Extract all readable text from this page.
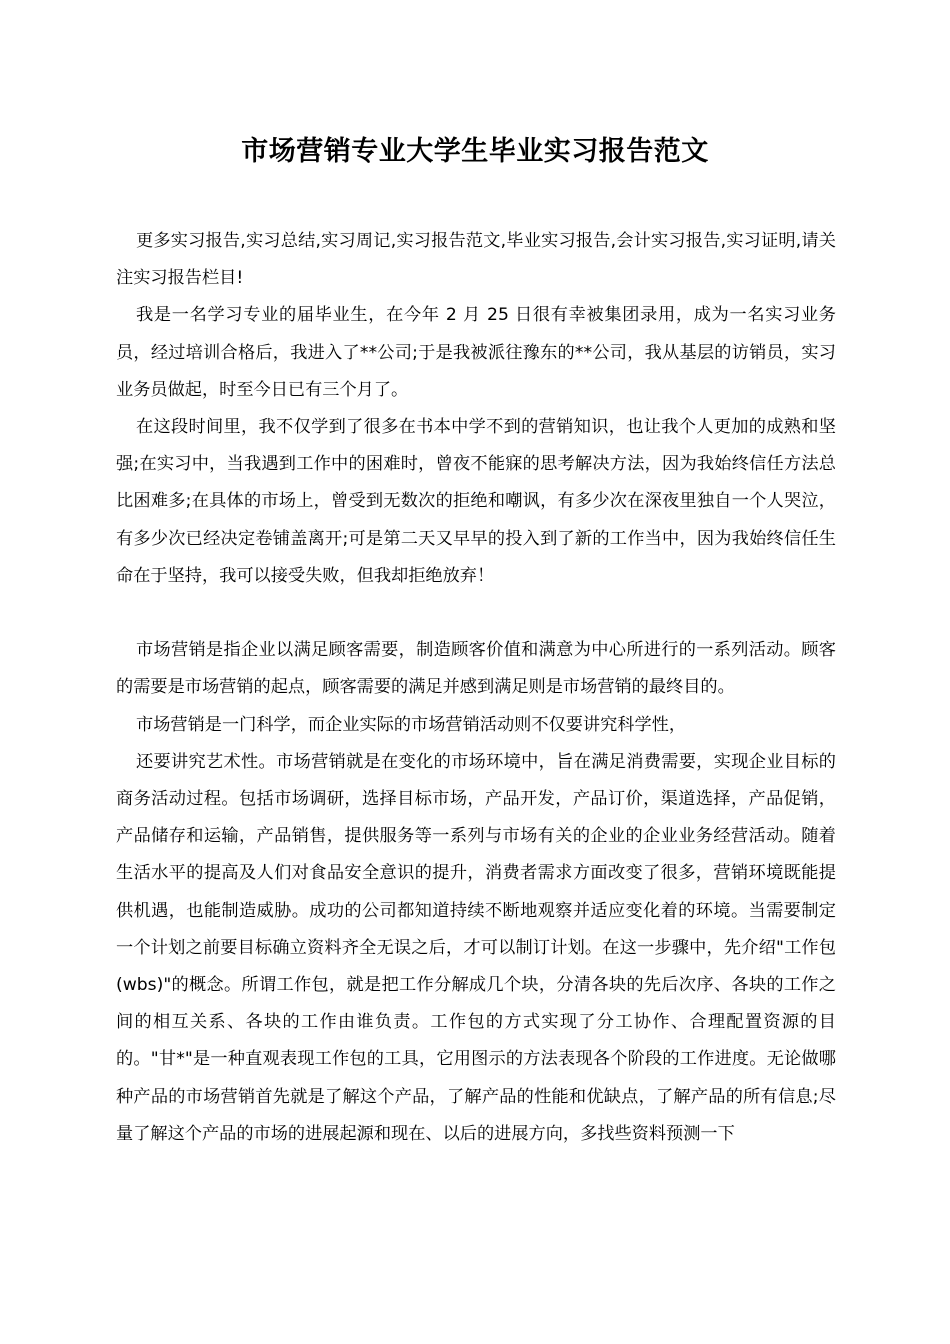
市场营销专业大学生毕业实习报告范文

更多实习报告,实习总结,实习周记,实习报告范文,毕业实习报告,会计实习报告,实习证明,请关注实习报告栏目!

我是一名学习专业的届毕业生，在今年 2 月 25 日很有幸被集团录用，成为一名实习业务员，经过培训合格后，我进入了**公司;于是我被派往豫东的**公司，我从基层的访销员，实习业务员做起，时至今日已有三个月了。

在这段时间里，我不仅学到了很多在书本中学不到的营销知识，也让我个人更加的成熟和坚强;在实习中，当我遇到工作中的困难时，曾夜不能寐的思考解决方法，因为我始终信任方法总比困难多;在具体的市场上，曾受到无数次的拒绝和嘲讽，有多少次在深夜里独自一个人哭泣，有多少次已经决定卷铺盖离开;可是第二天又早早的投入到了新的工作当中，因为我始终信任生命在于坚持，我可以接受失败，但我却拒绝放弃！

市场营销是指企业以满足顾客需要，制造顾客价值和满意为中心所进行的一系列活动。顾客的需要是市场营销的起点，顾客需要的满足并感到满足则是市场营销的最终目的。

市场营销是一门科学，而企业实际的市场营销活动则不仅要讲究科学性，

还要讲究艺术性。市场营销就是在变化的市场环境中，旨在满足消费需要，实现企业目标的商务活动过程。包括市场调研，选择目标市场，产品开发，产品订价，渠道选择，产品促销，产品储存和运输，产品销售，提供服务等一系列与市场有关的企业的企业业务经营活动。随着生活水平的提高及人们对食品安全意识的提升，消费者需求方面改变了很多，营销环境既能提供机遇，也能制造威胁。成功的公司都知道持续不断地观察并适应变化着的环境。当需要制定一个计划之前要目标确立资料齐全无误之后，才可以制订计划。在这一步骤中，先介绍"工作包(wbs)"的概念。所谓工作包，就是把工作分解成几个块，分清各块的先后次序、各块的工作之间的相互关系、各块的工作由谁负责。工作包的方式实现了分工协作、合理配置资源的目的。"甘*"是一种直观表现工作包的工具，它用图示的方法表现各个阶段的工作进度。无论做哪种产品的市场营销首先就是了解这个产品，了解产品的性能和优缺点，了解产品的所有信息;尽量了解这个产品的市场的进展起源和现在、以后的进展方向，多找些资料预测一下
